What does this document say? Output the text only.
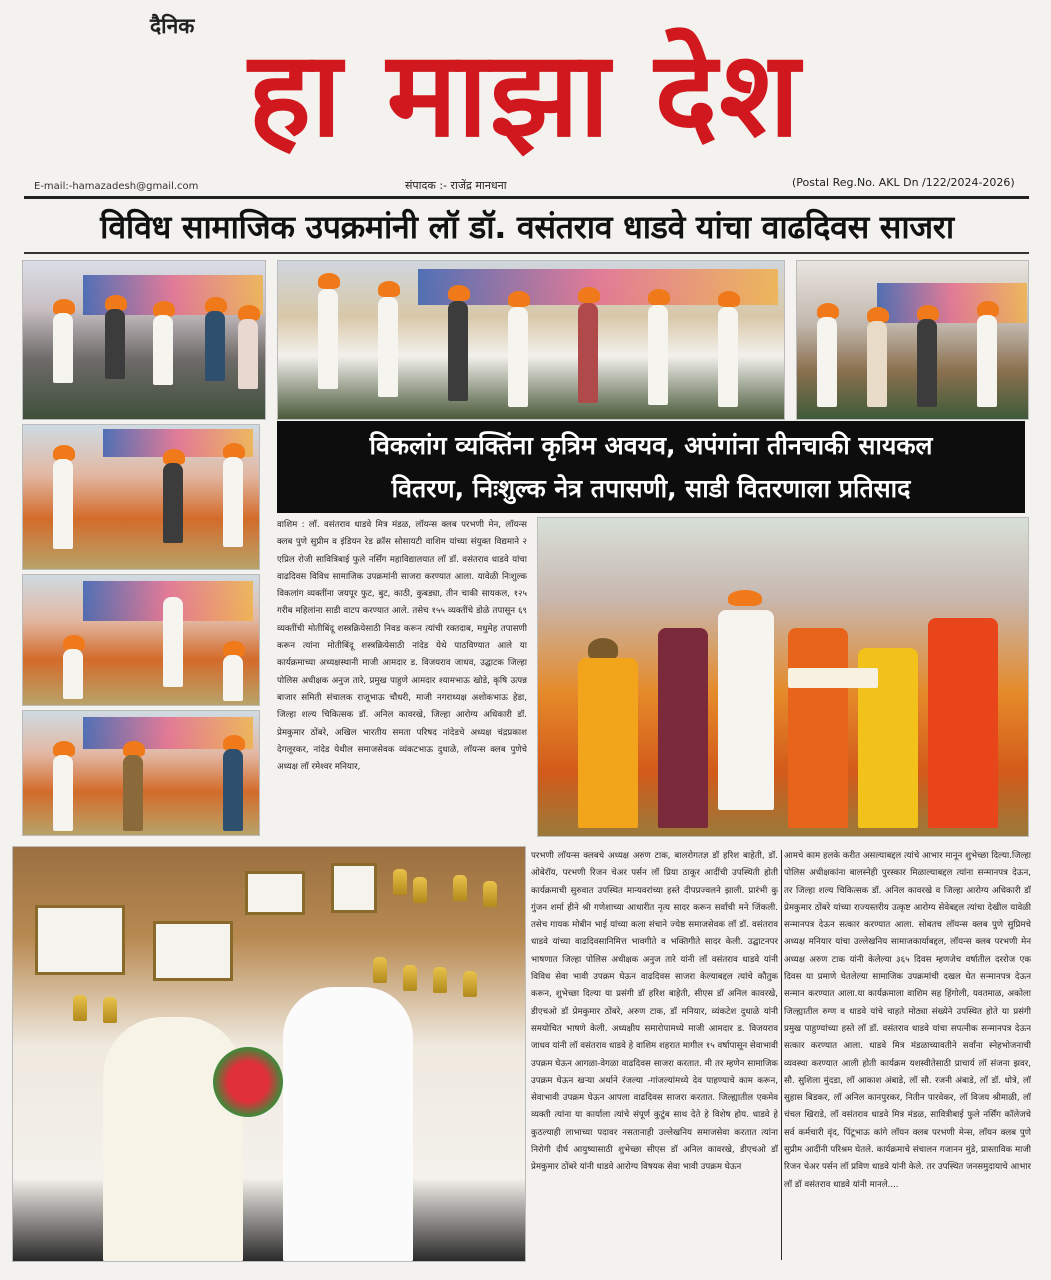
दैनिक हा माझा देश
E-mail:-hamazadesh@gmail.com	संपादक :- राजेंद्र मानधना	(Postal Reg.No. AKL Dn /122/2024-2026)
विविध सामाजिक उपक्रमांनी लॉ डॉ. वसंतराव धाडवे यांचा वाढदिवस साजरा
विकलांग व्यक्तिंना कृत्रिम अवयव, अपंगांना तीनचाकी सायकल
वितरण, निःशुल्क नेत्र तपासणी, साडी वितरणाला प्रतिसाद
वाशिम : लॉ. वसंतराव धाडवे मित्र मंडळ, लॉयन्स क्लब परभणी मेन, लॉयन्स क्लब पुणे सुप्रीम व इंडियन रेड क्रॉस सोसायटी वाशिम यांच्या संयुक्त विद्यमाने २ एप्रिल रोजी सावित्रिबाई फुले नर्सिंग महाविद्यालयात लॉ डॉ. वसंतराव धाडवे यांचा वाढदिवस विविध सामाजिक उपक्रमांनी साजरा करण्यात आला. यावेळी निःशुल्क विकलांग व्यक्तींना जयपूर फुट, बुट, काठी, कुबड्या, तीन चाकी सायकल, १२५ गरीब महिलांना साडी वाटप करण्यात आले. तसेच १५५ व्यक्तींचे डोळे तपासून ६९ व्यक्तींची मोतीबिंदू शस्त्रक्रियेसाठी निवड करून त्यांची रक्तदाब, मधुमेह तपासणी करून त्यांना मोतीबिंदू शस्त्रक्रियेसाठी नांदेड येथे पाठविण्यात आले या कार्यक्रमाच्या अध्यक्षस्थानी माजी आमदार ड. विजयराव जाधव, उद्घाटक जिल्हा पोलिस अधीक्षक अनुज तारे, प्रमुख पाहुणे आमदार श्यामभाऊ खोडे, कृषि उत्पन्न बाजार समिती संचालक राजूभाऊ चौधरी, माजी नगराध्यक्ष अशोकभाऊ हेडा, जिल्हा शल्य चिकित्सक डॉ. अनिल कावरखे, जिल्हा आरोग्य अधिकारी डॉ. प्रेमकुमार ठोंबरे, अखिल भारतीय समता परिषद नांदेडचे अध्यक्ष चंद्रप्रकाश देगलूरकर, नांदेड येथील समाजसेवक व्यंकटभाऊ दुधाळे, लॉयन्स क्लब पुणेचे अध्यक्ष लॉ रमेश्वर मनियार,
परभणी लॉयन्स क्लबचे अध्यक्ष अरुण टाक, बालरोगतज्ञ डॉ हरिश बाहेती, डॉ. ओबेरॉय, परभणी रिजन चेअर पर्सन लॉ प्रिया ठाकूर आदींची उपस्थिती होती कार्यक्रमाची सुरुवात उपस्थित मान्यवरांच्या हस्ते दीपप्रज्वलने झाली. प्रारंभी कु गुंजन शर्मा हीने श्री गणेशाच्या आधारीत नृत्य सादर करून सर्वांची मने जिंकली. तसेच गायक मोबीन भाई यांच्या कला संचाने ज्येष्ठ समाजसेवक लॉ डॉ. वसंतराव धाडवे यांच्या वाढदिवसानिमित्त भावगीते व भक्तिगीते सादर केली. उद्घाटनपर भाषणात जिल्हा पोलिस अधीक्षक अनुज तारे यांनी लॉ वसंतराव धाडवे यांनी विविध सेवा भावी उपक्रम घेऊन वाढदिवस साजरा केल्याबद्दल त्यांचे कौतुक करून, शुभेच्छा दिल्या या प्रसंगी डॉ हरिश बाहेती, सीएस डॉ अनिल कावरखे, डीएचओ डॉ प्रेमकुमार ठोंबरे, अरुण टाक, डॉ मनियार, व्यंकटेश दुधाळे यांनी समयोचित भाषणे केली. अध्यक्षीय समारोपामध्ये माजी आमदार ड. विजयराव जाधव यांनी लॉ वसंतराव धाडवे हे वाशिम शहरात मागील १५ वर्षापासून सेवाभावी उपक्रम घेऊन आगळा-वेगळा वाढदिवस साजरा करतात. मी तर म्हणेन सामाजिक उपक्रम घेऊन खऱ्या अर्थाने रंजल्या -गांजल्यांमध्ये देव पाहण्याचे काम करून, सेवाभावी उपक्रम घेऊन आपला वाढदिवस साजरा करतात. जिल्ह्यातील एकमेव व्यक्ती त्यांना या कार्याला त्यांचे संपूर्ण कुटुंब साथ देते हे विशेष होय. धाडवे हे कुठल्याही लाभाच्या पदावर नसतानाही उल्लेखनिय समाजसेवा करतात त्यांना निरोगी दीर्घ आयुष्यासाठी शुभेच्छा सीएस डॉ अनिल कावरखे, डीएचओ डॉ प्रेमकुमार ठोंबरे यांनी धाडवे आरोग्य विषयक सेवा भावी उपक्रम घेऊन
आमचे काम हलके करीत असल्याबद्दल त्यांचे आभार मानून शुभेच्छा दिल्या.जिल्हा पोलिस अधीक्षकांना बालस्नेही पुरस्कार मिळाल्याबद्दल त्यांना सन्मानपत्र देऊन, तर जिल्हा शल्य चिकित्सक डॉ. अनिल कावरखे व जिल्हा आरोग्य अधिकारी डॉ प्रेमकुमार ठोंबरे यांच्या राज्यस्तरीय उत्कृष्ट आरोग्य सेवेबद्दल त्यांचा देखील यावेळी सन्मानपत्र देऊन सत्कार करण्यात आला. सोबतच लॉयन्स क्लब पुणे सुप्रिमचे अध्यक्ष मनियार यांचा उल्लेखनिय सामाजकार्याबद्दल, लॉयन्स क्लब परभणी मेन अध्यक्ष अरुण टाक यांनी केलेल्या ३६५ दिवस म्हणजेच वर्षातील दररोज एक दिवस या प्रमाणे घेतलेल्या सामाजिक उपक्रमांची दखल घेत सन्मानपत्र देऊन सन्मान करण्यात आला.या कार्यक्रमाला वाशिम सह हिंगोली, यवतमाळ, अकोला जिल्ह्यातील रुग्ण व धाडवे यांचे चाहते मोठ्या संख्येने उपस्थित होते या प्रसंगी प्रमुख पाहुण्यांच्या हस्ते लॉ डॉ. वसंतराव धाडवे यांचा सपत्नीक सन्मानपत्र देऊन सत्कार करण्यात आला. धाडवे मित्र मंडळाच्यावतीने सर्वांना स्नेहभोजनाची व्यवस्था करण्यात आली होती कार्यक्रम यशस्वीतेसाठी प्राचार्य लॉ संजना झवर, सौ. सुशिला मुंदडा, लॉ आकाश अंबाडे, लॉ सौ. रजनी अंबाडे, लॉ डॉ. धोत्रे, लॉ सुहास बिडकर, लॉ अनिल कानपुरकर, नितीन पारवेकर, लॉ विजय श्रीमाळी, लॉ चंचल खिराडे, लॉ वसंतराव धाडवे मित्र मंडळ, सावित्रीबाई फुले नर्सिंग कॉलेजचे सर्व कर्मचारी वृंद, पिंटूभाऊ कांगे लॉयन क्लब परभणी मेन्स, लॉयन क्लब पुणे सुप्रीम आदींनी परिश्रम घेतले. कार्यक्रमाचे संचालन गजानन मुंडे, प्रास्ताविक माजी रिजन चेअर पर्सन लॉ प्रविण धाडवे यांनी केले. तर उपस्थित जनसमुदायाचे आभार लॉ डॉ वसंतराव धाडवे यांनी मानले....
